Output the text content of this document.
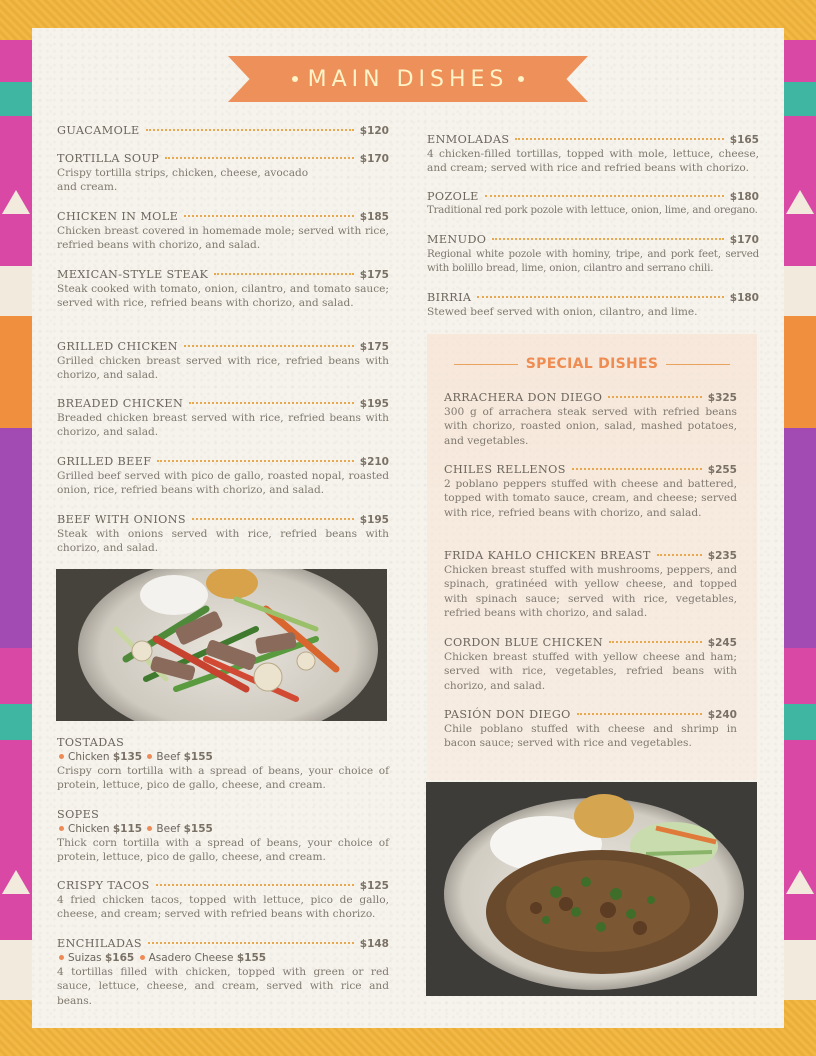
MAIN DISHES
GUACAMOLE	$120
TORTILLA SOUP	$170
Crispy tortilla strips, chicken, cheese, avocado and cream.
CHICKEN IN MOLE	$185
Chicken breast covered in homemade mole; served with rice, refried beans with chorizo, and salad.
MEXICAN-STYLE STEAK	$175
Steak cooked with tomato, onion, cilantro, and tomato sauce; served with rice, refried beans with chorizo, and salad.
GRILLED CHICKEN	$175
Grilled chicken breast served with rice, refried beans with chorizo, and salad.
BREADED CHICKEN	$195
Breaded chicken breast served with rice, refried beans with chorizo, and salad.
GRILLED BEEF	$210
Grilled beef served with pico de gallo, roasted nopal, roasted onion, rice, refried beans with chorizo, and salad.
BEEF WITH ONIONS	$195
Steak with onions served with rice, refried beans with chorizo, and salad.
TOSTADAS
Chicken $135 Beef $155
Crispy corn tortilla with a spread of beans, your choice of protein, lettuce, pico de gallo, cheese, and cream.
SOPES
Chicken $115 Beef $155
Thick corn tortilla with a spread of beans, your choice of protein, lettuce, pico de gallo, cheese, and cream.
CRISPY TACOS	$125
4 fried chicken tacos, topped with lettuce, pico de gallo, cheese, and cream; served with refried beans with chorizo.
ENCHILADAS	$148
Suizas $165 Asadero Cheese $155
4 tortillas filled with chicken, topped with green or red sauce, lettuce, cheese, and cream, served with rice and beans.
ENMOLADAS	$165
4 chicken-filled tortillas, topped with mole, lettuce, cheese, and cream; served with rice and refried beans with chorizo.
POZOLE	$180
Traditional red pork pozole with lettuce, onion, lime, and oregano.
MENUDO	$170
Regional white pozole with hominy, tripe, and pork feet, served with bolillo bread, lime, onion, cilantro and serrano chili.
BIRRIA	$180
Stewed beef served with onion, cilantro, and lime.
SPECIAL DISHES
ARRACHERA DON DIEGO	$325
300 g of arrachera steak served with refried beans with chorizo, roasted onion, salad, mashed potatoes, and vegetables.
CHILES RELLENOS	$255
2 poblano peppers stuffed with cheese and battered, topped with tomato sauce, cream, and cheese; served with rice, refried beans with chorizo, and salad.
FRIDA KAHLO CHICKEN BREAST	$235
Chicken breast stuffed with mushrooms, peppers, and spinach, gratinéed with yellow cheese, and topped with spinach sauce; served with rice, vegetables, refried beans with chorizo, and salad.
CORDON BLUE CHICKEN	$245
Chicken breast stuffed with yellow cheese and ham; served with rice, vegetables, refried beans with chorizo, and salad.
PASIÓN DON DIEGO	$240
Chile poblano stuffed with cheese and shrimp in bacon sauce; served with rice and vegetables.
